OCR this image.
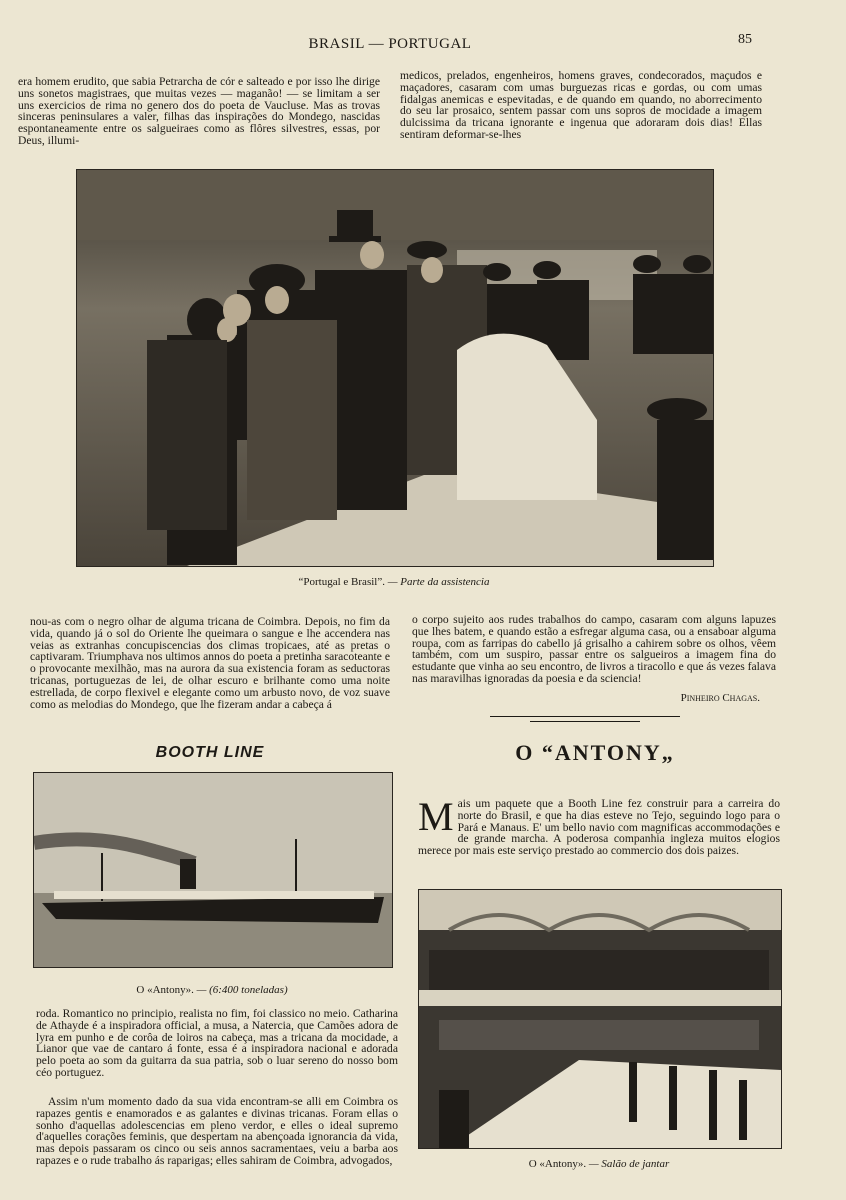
BRASIL — PORTUGAL	85

era homem erudito, que sabia Petrarcha de cór e salteado e por isso lhe dirige uns sonetos magistraes, que muitas vezes — maganão! — se limitam a ser uns exercicios de rima no genero dos do poeta de Vaucluse. Mas as trovas sinceras peninsulares a valer, filhas das inspirações do Mondego, nascidas espontaneamente entre os salgueiraes como as flôres silvestres, essas, por Deus, illumi-

medicos, prelados, engenheiros, homens graves, condecorados, maçudos e maçadores, casaram com umas burguezas ricas e gordas, ou com umas fidalgas anemicas e espevitadas, e de quando em quando, no aborrecimento do seu lar prosaico, sentem passar com uns sopros de mocidade a imagem dulcissima da tricana ignorante e ingenua que adoraram dois dias! Ellas sentiram deformar-se-lhes

“Portugal e Brasil”. — Parte da assistencia

nou-as com o negro olhar de alguma tricana de Coimbra. Depois, no fim da vida, quando já o sol do Oriente lhe queimara o sangue e lhe accendera nas veias as extranhas concupiscencias dos climas tropicaes, até as pretas o captivaram. Triumphava nos ultimos annos do poeta a pretinha saracoteante e o provocante mexilhão, mas na aurora da sua existencia foram as seductoras tricanas, portuguezas de lei, de olhar escuro e brilhante como uma noite estrellada, de corpo flexivel e elegante como um arbusto novo, de voz suave como as melodias do Mondego, que lhe fizeram andar a cabeça á

o corpo sujeito aos rudes trabalhos do campo, casaram com alguns lapuzes que lhes batem, e quando estão a esfregar alguma casa, ou a ensaboar alguma roupa, com as farripas do cabello já grisalho a cahirem sobre os olhos, vêem também, com um suspiro, passar entre os salgueiros a imagem fina do estudante que vinha ao seu encontro, de livros a tiracollo e que ás vezes falava nas maravilhas ignoradas da poesia e da sciencia!

Pinheiro Chagas.
BOOTH LINE	O “ANTONY„
M ais um paquete que a Booth Line fez construir para a carreira do norte do Brasil, e que ha dias esteve no Tejo, seguindo logo para o Pará e Manaus. E' um bello navio com magnificas accommodações e de grande marcha. A poderosa companhia ingleza muitos elogios merece por mais este serviço prestado ao commercio dos dois paizes.

O «Antony». — (6:400 toneladas)
O «Antony». — Salão de jantar

roda. Romantico no principio, realista no fim, foi classico no meio. Catharina de Athayde é a inspiradora official, a musa, a Natercia, que Camões adora de lyra em punho e de corôa de loiros na cabeça, mas a tricana da mocidade, a Lianor que vae de cantaro á fonte, essa é a inspiradora nacional e adorada pelo poeta ao som da guitarra da sua patria, sob o luar sereno do nosso bom céo portuguez.

Assim n'um momento dado da sua vida encontram-se alli em Coimbra os rapazes gentis e enamorados e as galantes e divinas tricanas. Foram ellas o sonho d'aquellas adolescencias em pleno verdor, e elles o ideal supremo d'aquelles corações feminis, que despertam na abençoada ignorancia da vida, mas depois passaram os cinco ou seis annos sacramentaes, veiu a barba aos rapazes e o rude trabalho ás raparigas; elles sahiram de Coimbra, advogados,
